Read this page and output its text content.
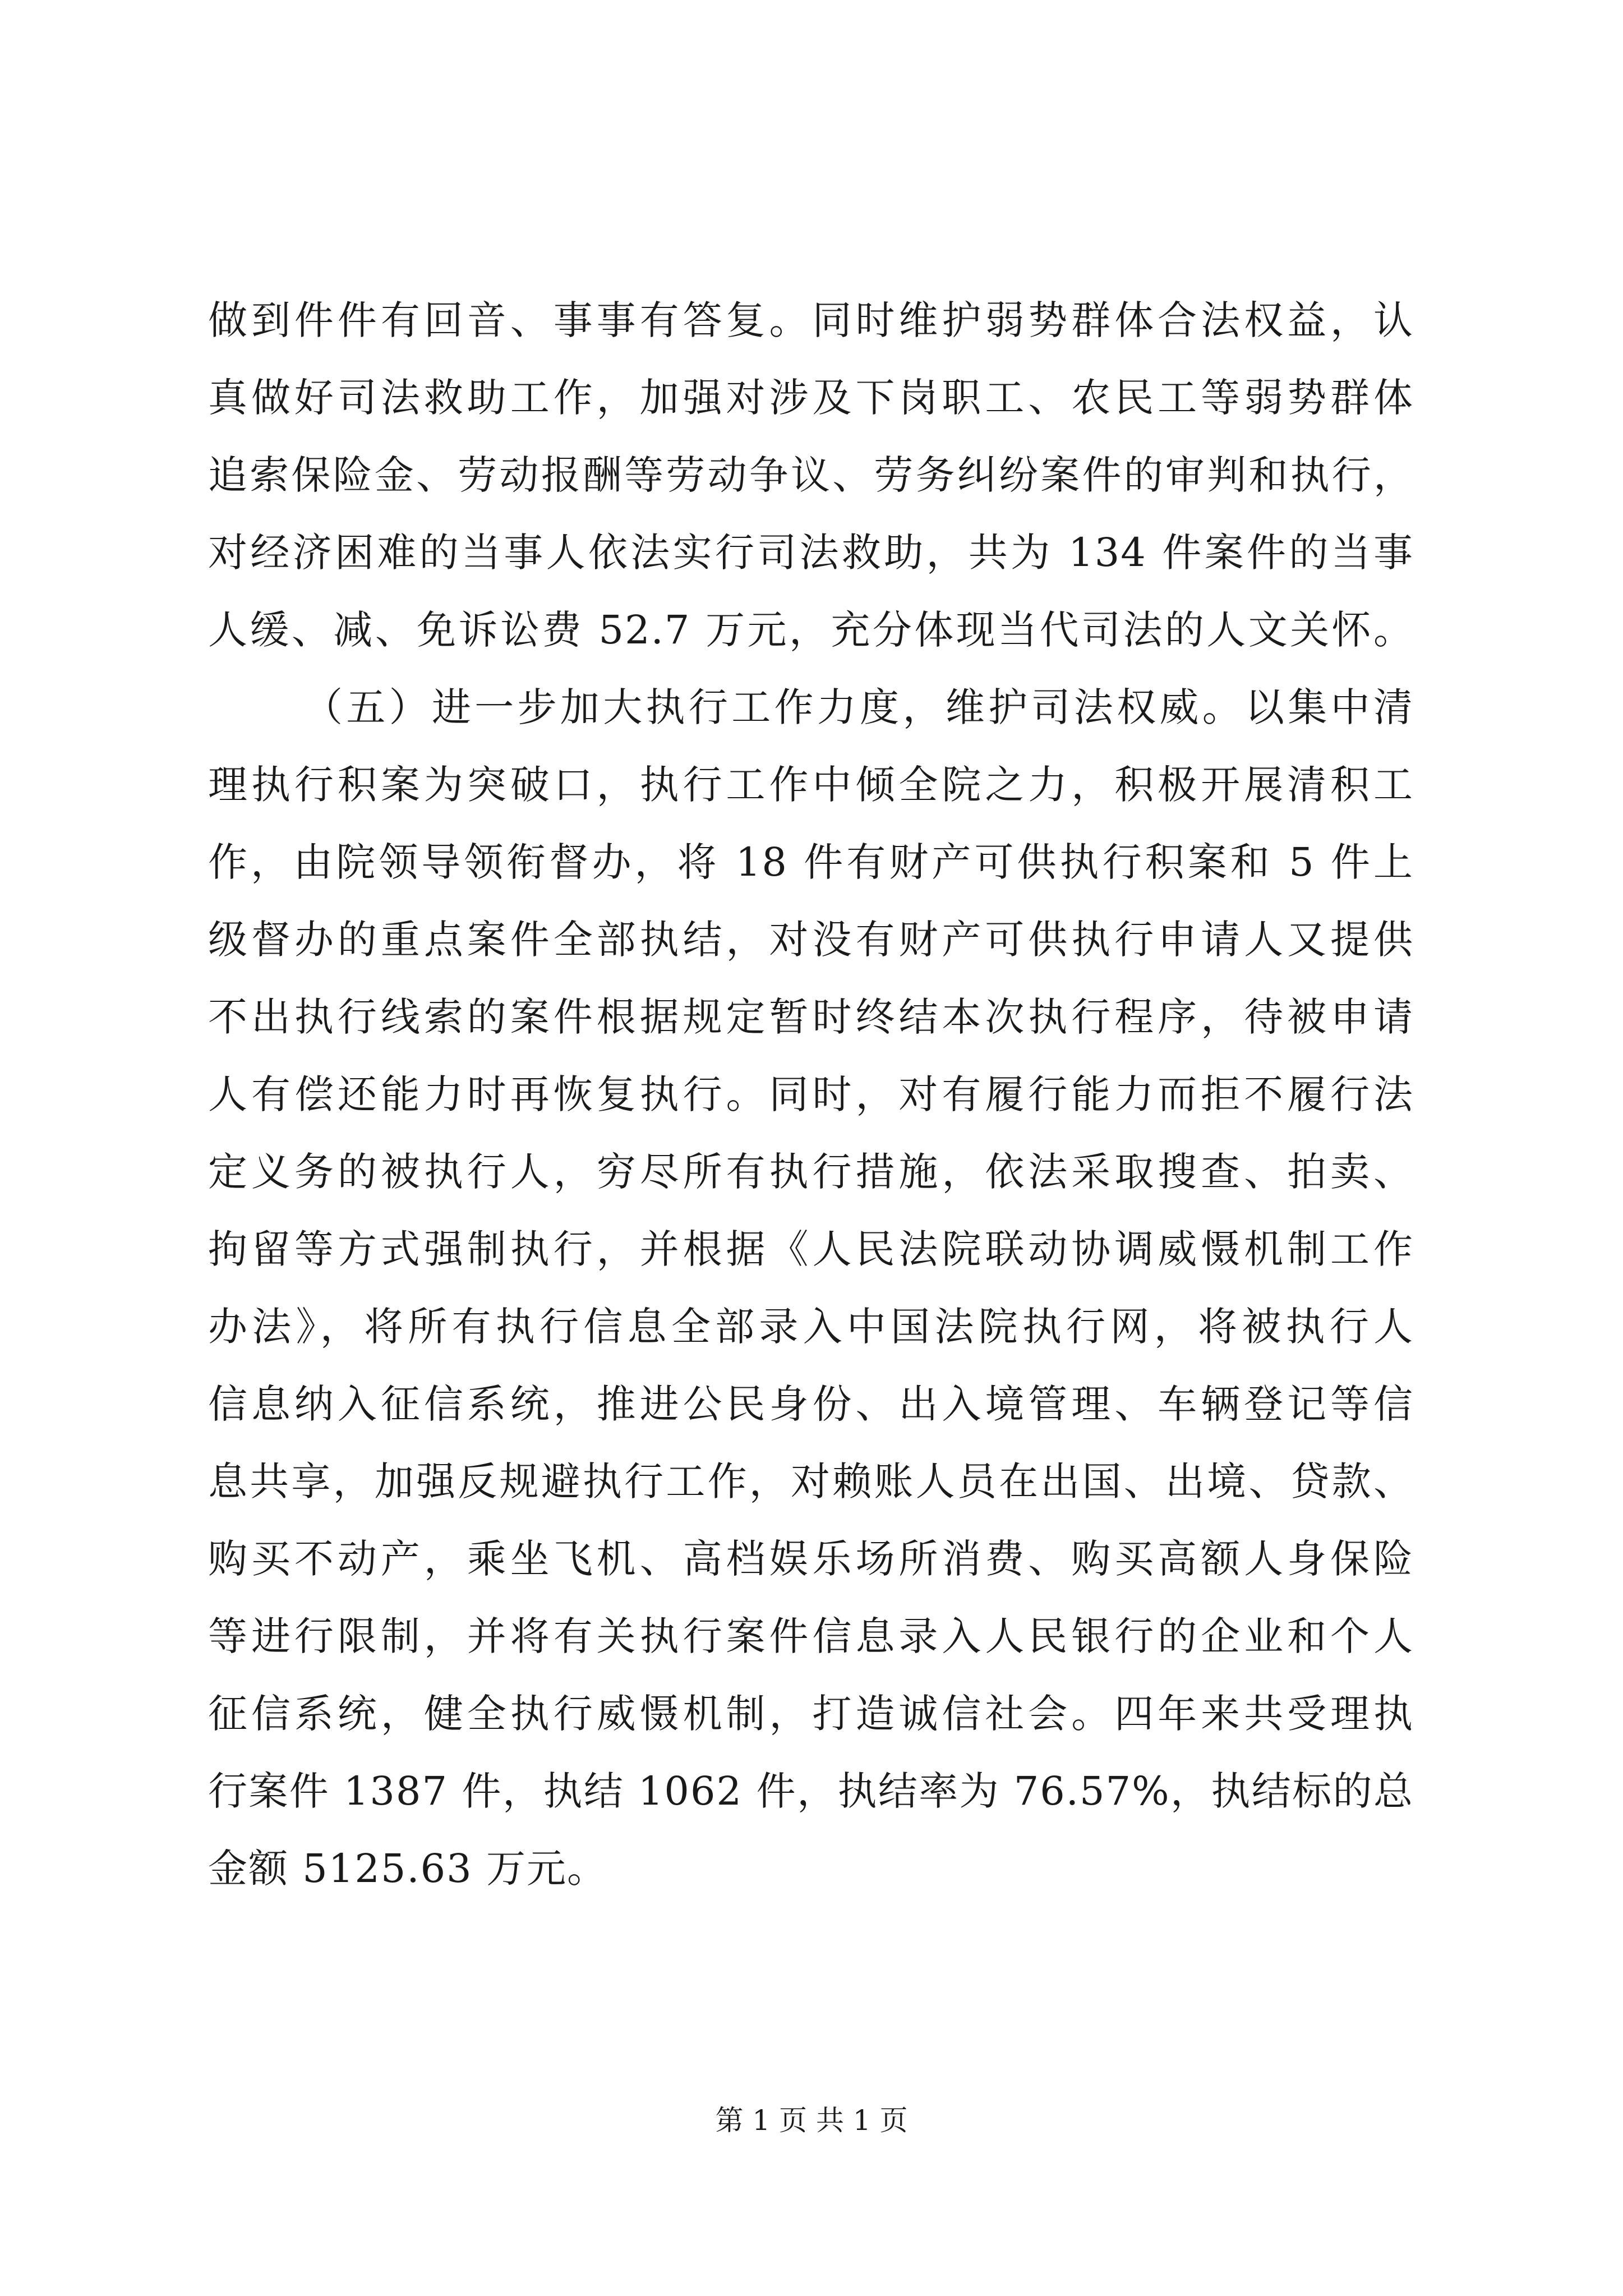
做到件件有回音、事事有答复。同时维护弱势群体合法权益，认
真做好司法救助工作，加强对涉及下岗职工、农民工等弱势群体
追索保险金、劳动报酬等劳动争议、劳务纠纷案件的审判和执行，
对经济困难的当事人依法实行司法救助，共为 134 件案件的当事
人缓、减、免诉讼费 52.7 万元，充分体现当代司法的人文关怀。
（五）进一步加大执行工作力度，维护司法权威。以集中清
理执行积案为突破口，执行工作中倾全院之力，积极开展清积工
作，由院领导领衔督办，将 18 件有财产可供执行积案和 5 件上
级督办的重点案件全部执结，对没有财产可供执行申请人又提供
不出执行线索的案件根据规定暂时终结本次执行程序，待被申请
人有偿还能力时再恢复执行。同时，对有履行能力而拒不履行法
定义务的被执行人，穷尽所有执行措施，依法采取搜查、拍卖、
拘留等方式强制执行，并根据《人民法院联动协调威慑机制工作
办法》，将所有执行信息全部录入中国法院执行网，将被执行人
信息纳入征信系统，推进公民身份、出入境管理、车辆登记等信
息共享，加强反规避执行工作，对赖账人员在出国、出境、贷款、
购买不动产，乘坐飞机、高档娱乐场所消费、购买高额人身保险
等进行限制，并将有关执行案件信息录入人民银行的企业和个人
征信系统，健全执行威慑机制，打造诚信社会。四年来共受理执
行案件 1387 件，执结 1062 件，执结率为 76.57%，执结标的总
金额 5125.63 万元。
第 1 页 共 1 页
